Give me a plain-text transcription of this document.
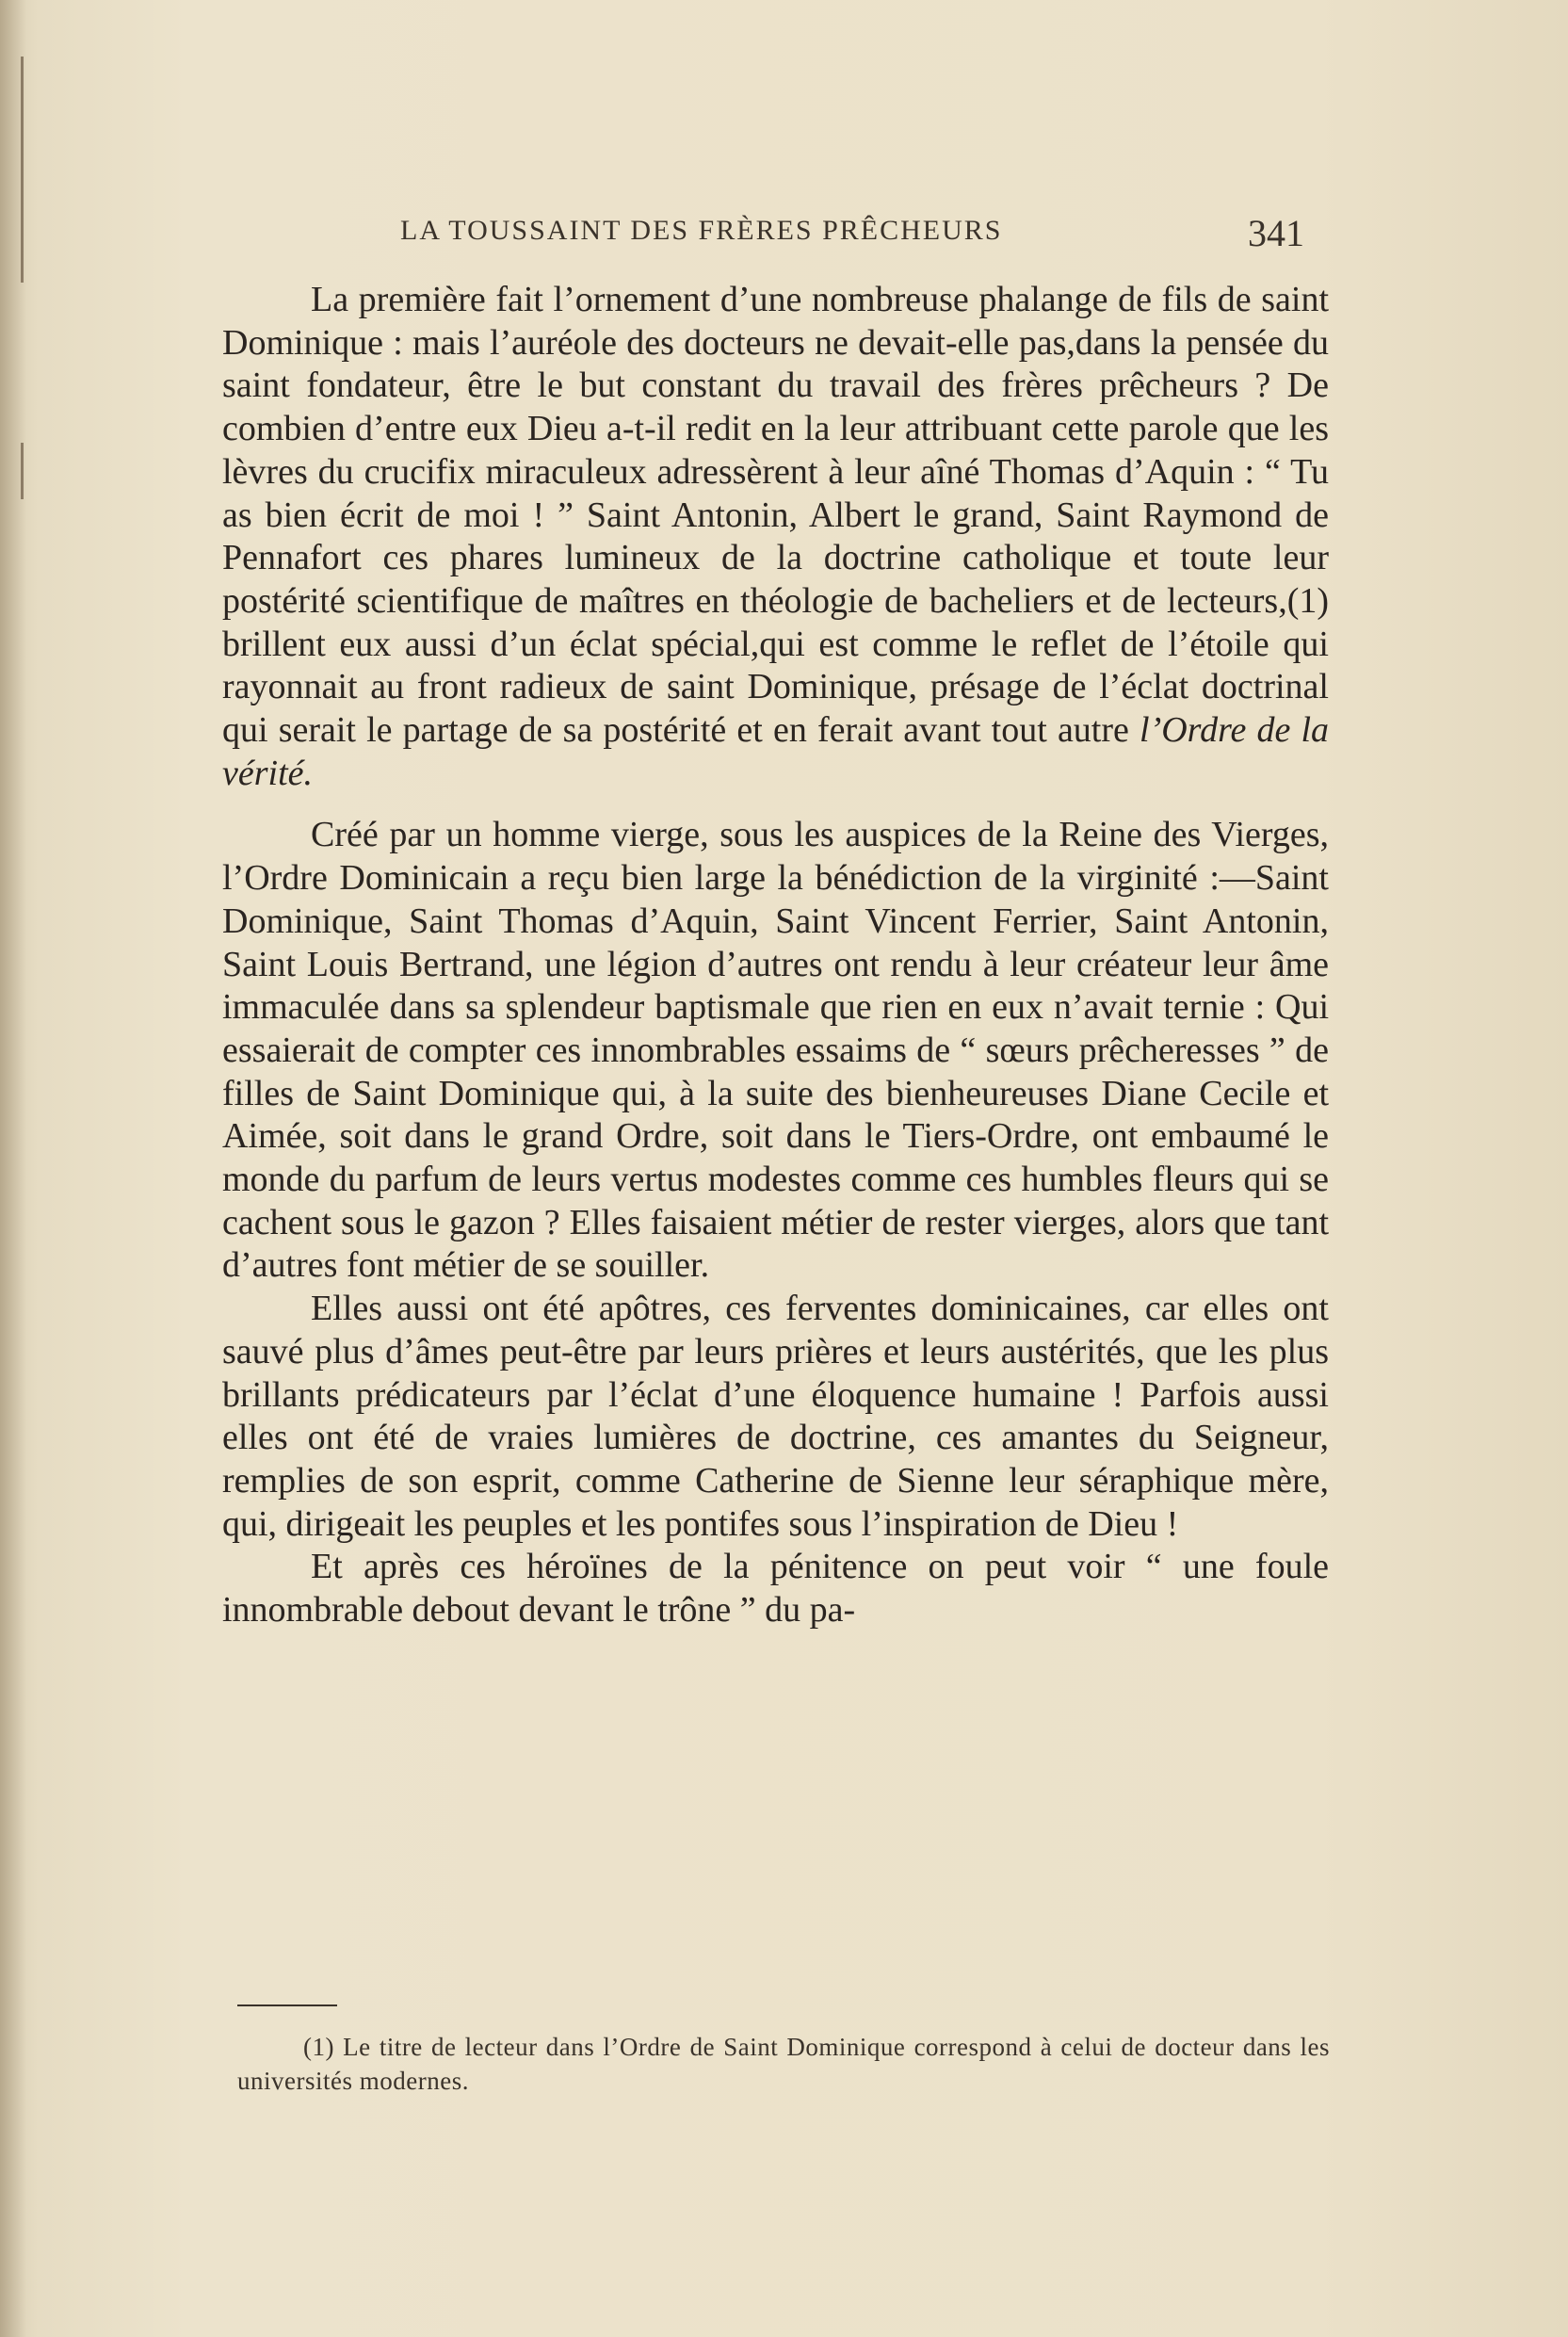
LA TOUSSAINT DES FRÈRES PRÊCHEURS	341

La première fait l’ornement d’une nombreuse phalange de fils de saint Dominique : mais l’auréole des docteurs ne devait-elle pas,dans la pensée du saint fondateur, être le but constant du travail des frères prêcheurs ? De combien d’entre eux Dieu a-t-il redit en la leur attribuant cette parole que les lèvres du crucifix miraculeux adressèrent à leur aîné Thomas d’Aquin : “ Tu as bien écrit de moi ! ” Saint Antonin, Albert le grand, Saint Raymond de Pennafort ces phares lumineux de la doctrine catholique et toute leur postérité scientifique de maîtres en théologie de bacheliers et de lecteurs,(1) brillent eux aussi d’un éclat spécial,qui est comme le reflet de l’étoile qui rayonnait au front radieux de saint Dominique, présage de l’éclat doctrinal qui serait le partage de sa postérité et en ferait avant tout autre l’Ordre de la vérité.

Créé par un homme vierge, sous les auspices de la Reine des Vierges, l’Ordre Dominicain a reçu bien large la bénédiction de la virginité :—Saint Dominique, Saint Thomas d’Aquin, Saint Vincent Ferrier, Saint Antonin, Saint Louis Bertrand, une légion d’autres ont rendu à leur créateur leur âme immaculée dans sa splendeur baptismale que rien en eux n’avait ternie : Qui essaierait de compter ces innombrables essaims de “ sœurs prêcheresses ” de filles de Saint Dominique qui, à la suite des bienheureuses Diane Cecile et Aimée, soit dans le grand Ordre, soit dans le Tiers-Ordre, ont embaumé le monde du parfum de leurs vertus modestes comme ces humbles fleurs qui se cachent sous le gazon ? Elles faisaient métier de rester vierges, alors que tant d’autres font métier de se souiller.

Elles aussi ont été apôtres, ces ferventes dominicaines, car elles ont sauvé plus d’âmes peut-être par leurs prières et leurs austérités, que les plus brillants prédicateurs par l’éclat d’une éloquence humaine ! Parfois aussi elles ont été de vraies lumières de doctrine, ces amantes du Seigneur, remplies de son esprit, comme Catherine de Sienne leur séraphique mère, qui, dirigeait les peuples et les pontifes sous l’inspiration de Dieu !

Et après ces héroïnes de la pénitence on peut voir “ une foule innombrable debout devant le trône ” du pa-

(1) Le titre de lecteur dans l’Ordre de Saint Dominique correspond à celui de docteur dans les universités modernes.
